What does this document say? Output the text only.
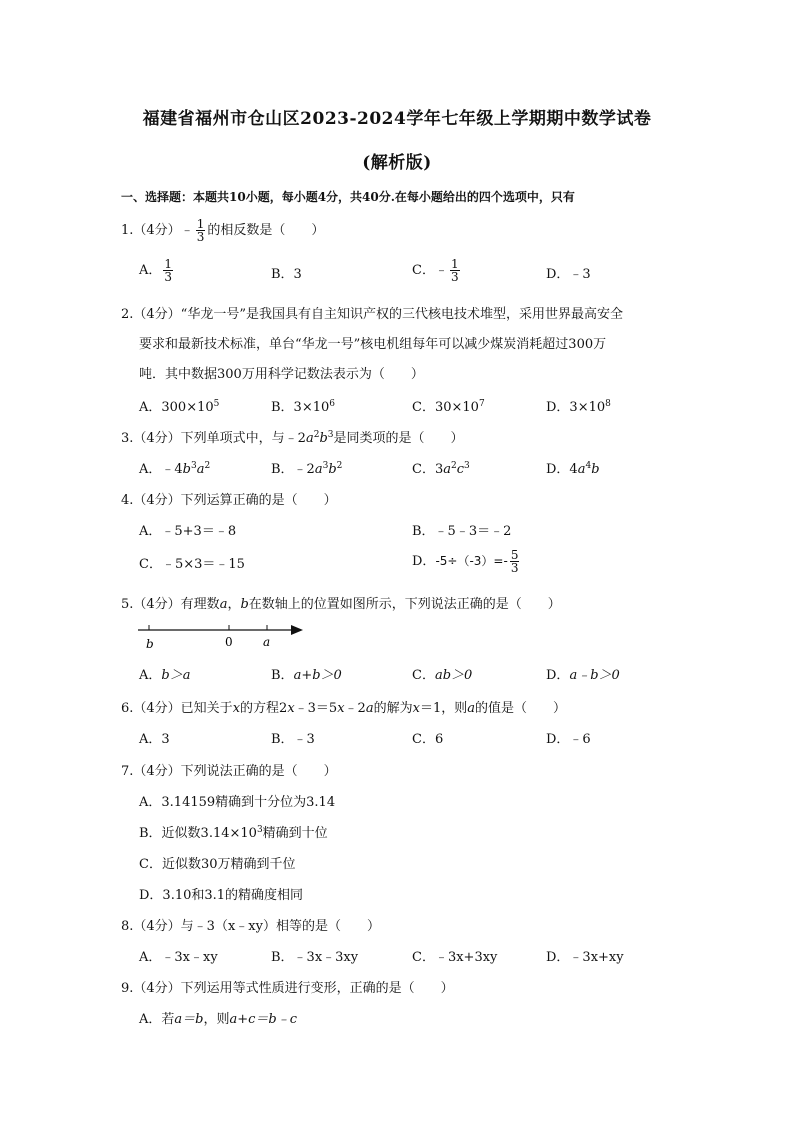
福建省福州市仓山区2023-2024学年七年级上学期期中数学试卷
(解析版)
一、选择题：本题共10小题，每小题4分，共40分.在每小题给出的四个选项中，只有
1.（4分）﹣ $\frac{1}{3}$ 的相反数是（　　）
A． $\frac{1}{3}$	B．3	C．﹣ $\frac{1}{3}$	D．﹣3
2.（4分）“华龙一号”是我国具有自主知识产权的三代核电技术堆型，采用世界最高安全
要求和最新技术标准，单台“华龙一号”核电机组每年可以减少煤炭消耗超过300万
吨．其中数据300万用科学记数法表示为（　　）
A．$300\times 10^5$	B．$3\times 10^6$	C．$30\times 10^7$	D．$3\times 10^8$
3.（4分）下列单项式中，与$﹣2a^2b^3$是同类项的是（　　）
A．$﹣4b^3a^2$	B．$﹣2a^3b^2$	C．$3a^2c^3$	D．$4a^4b$
4.（4分）下列运算正确的是（　　）
A．﹣5+3＝﹣8	B．﹣5﹣3＝﹣2
C．﹣5×3＝﹣15	D．$-5\div(-3)=- \frac{5}{3}$
5.（4分）有理数a，b在数轴上的位置如图所示，下列说法正确的是（　　）
b	0	a
A．b＞a	B．a+b＞0	C．ab＞0	D．a﹣b＞0
6.（4分）已知关于x的方程2x﹣3＝5x﹣2a的解为x＝1，则a的值是（　　）
A．3	B．﹣3	C．6	D．﹣6
7.（4分）下列说法正确的是（　　）
A．3.14159精确到十分位为3.14
B．近似数$3.14\times 10^3$精确到十位
C．近似数30万精确到千位
D．3.10和3.1的精确度相同
8.（4分）与﹣3（x﹣xy）相等的是（　　）
A．﹣3x﹣xy	B．﹣3x﹣3xy	C．﹣3x+3xy	D．﹣3x+xy
9.（4分）下列运用等式性质进行变形，正确的是（　　）
A．若a＝b，则a+c＝b﹣c
